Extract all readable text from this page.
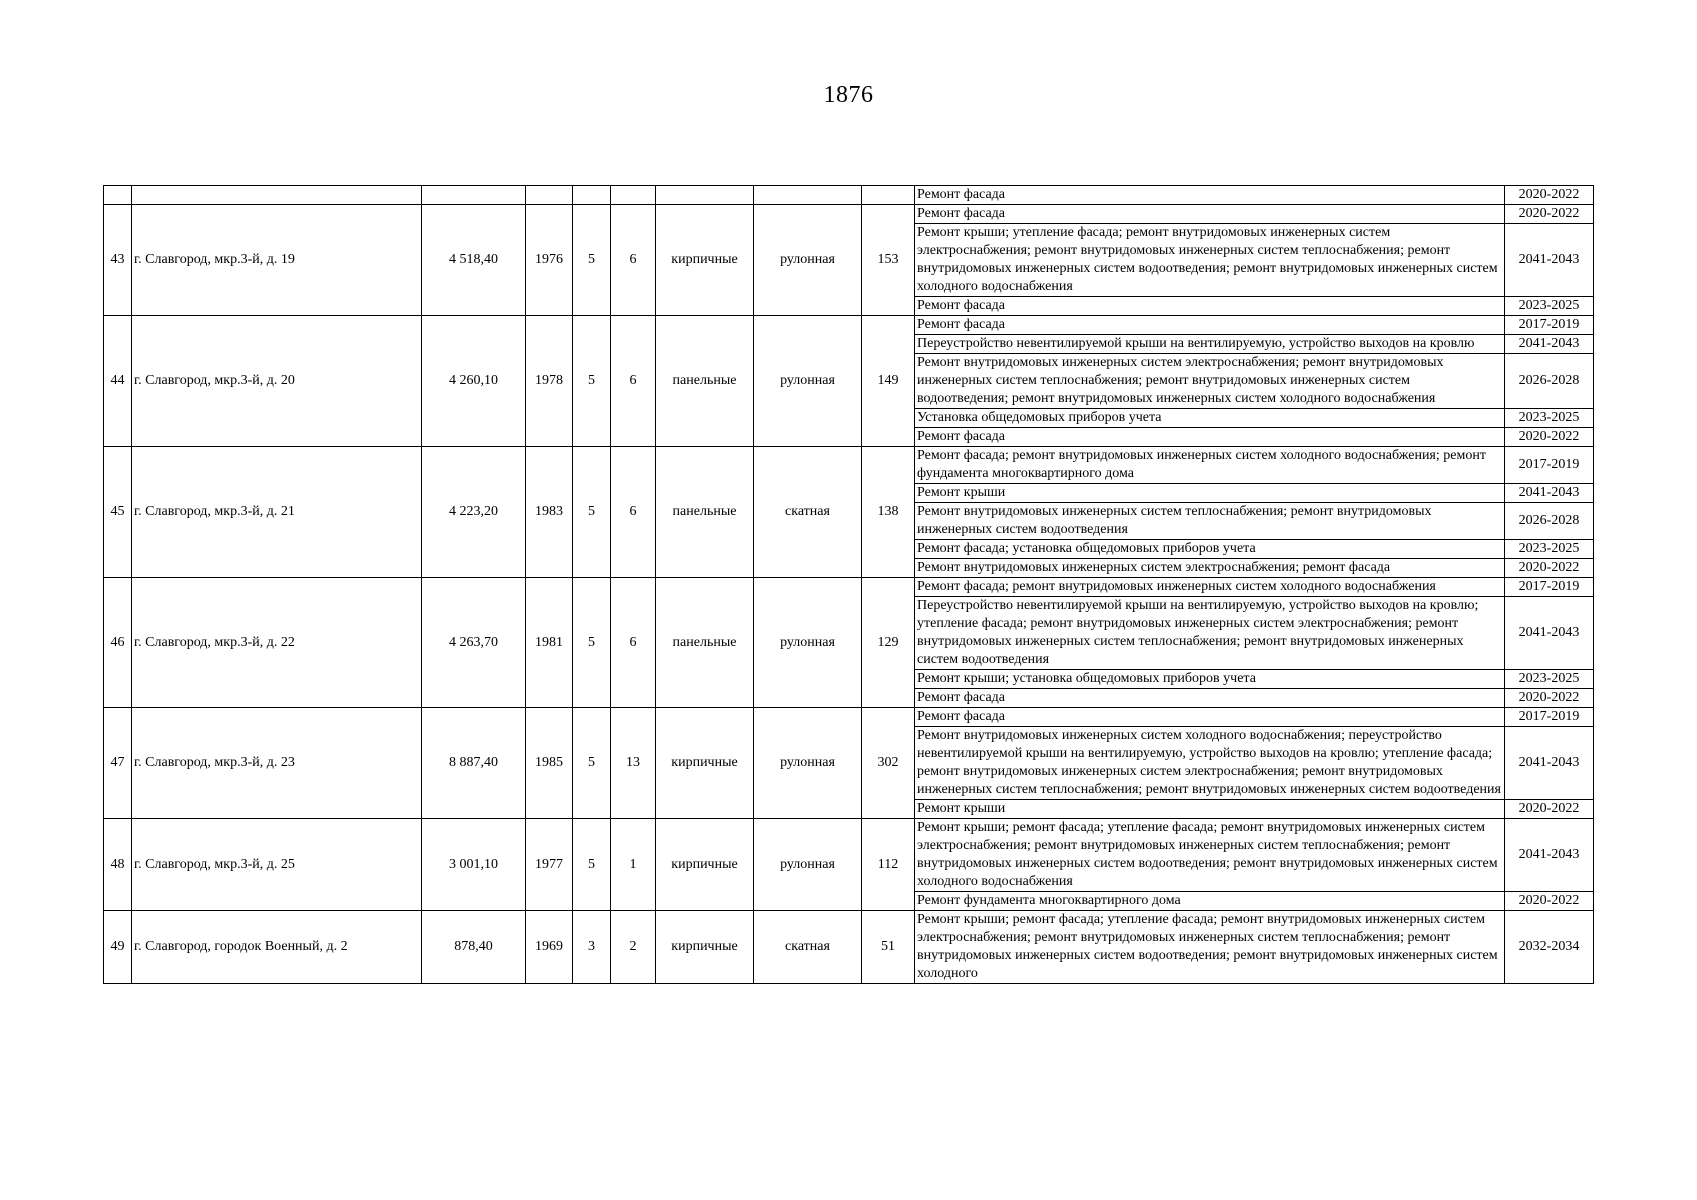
1876
									Ремонт фасада	2020-2022
43	г. Славгород, мкр.3-й, д. 19	4 518,40	1976	5	6	кирпичные	рулонная	153	Ремонт фасада	2020-2022
									Ремонт крыши; утепление фасада; ремонт внутридомовых инженерных систем электроснабжения; ремонт внутридомовых инженерных систем теплоснабжения; ремонт внутридомовых инженерных систем водоотведения; ремонт внутридомовых инженерных систем холодного водоснабжения	2041-2043
									Ремонт фасада	2023-2025
44	г. Славгород, мкр.3-й, д. 20	4 260,10	1978	5	6	панельные	рулонная	149	Ремонт фасада	2017-2019
									Переустройство невентилируемой крыши на вентилируемую, устройство выходов на кровлю	2041-2043
									Ремонт внутридомовых инженерных систем электроснабжения; ремонт внутридомовых инженерных систем теплоснабжения; ремонт внутридомовых инженерных систем водоотведения; ремонт внутридомовых инженерных систем холодного водоснабжения	2026-2028
									Установка общедомовых приборов учета	2023-2025
									Ремонт фасада	2020-2022
45	г. Славгород, мкр.3-й, д. 21	4 223,20	1983	5	6	панельные	скатная	138	Ремонт фасада; ремонт внутридомовых инженерных систем холодного водоснабжения; ремонт фундамента многоквартирного дома	2017-2019
									Ремонт крыши	2041-2043
									Ремонт внутридомовых инженерных систем теплоснабжения; ремонт внутридомовых инженерных систем водоотведения	2026-2028
									Ремонт фасада; установка общедомовых приборов учета	2023-2025
									Ремонт внутридомовых инженерных систем электроснабжения; ремонт фасада	2020-2022
46	г. Славгород, мкр.3-й, д. 22	4 263,70	1981	5	6	панельные	рулонная	129	Ремонт фасада; ремонт внутридомовых инженерных систем холодного водоснабжения	2017-2019
									Переустройство невентилируемой крыши на вентилируемую, устройство выходов на кровлю; утепление фасада; ремонт внутридомовых инженерных систем электроснабжения; ремонт внутридомовых инженерных систем теплоснабжения; ремонт внутридомовых инженерных систем водоотведения	2041-2043
									Ремонт крыши; установка общедомовых приборов учета	2023-2025
									Ремонт фасада	2020-2022
47	г. Славгород, мкр.3-й, д. 23	8 887,40	1985	5	13	кирпичные	рулонная	302	Ремонт фасада	2017-2019
									Ремонт внутридомовых инженерных систем холодного водоснабжения; переустройство невентилируемой крыши на вентилируемую, устройство выходов на кровлю; утепление фасада; ремонт внутридомовых инженерных систем электроснабжения; ремонт внутридомовых инженерных систем теплоснабжения; ремонт внутридомовых инженерных систем водоотведения	2041-2043
									Ремонт крыши	2020-2022
48	г. Славгород, мкр.3-й, д. 25	3 001,10	1977	5	1	кирпичные	рулонная	112	Ремонт крыши; ремонт фасада; утепление фасада; ремонт внутридомовых инженерных систем электроснабжения; ремонт внутридомовых инженерных систем теплоснабжения; ремонт внутридомовых инженерных систем водоотведения; ремонт внутридомовых инженерных систем холодного водоснабжения	2041-2043
									Ремонт фундамента многоквартирного дома	2020-2022
49	г. Славгород, городок Военный, д. 2	878,40	1969	3	2	кирпичные	скатная	51	Ремонт крыши; ремонт фасада; утепление фасада; ремонт внутридомовых инженерных систем электроснабжения; ремонт внутридомовых инженерных систем теплоснабжения; ремонт внутридомовых инженерных систем водоотведения; ремонт внутридомовых инженерных систем холодного	2032-2034
